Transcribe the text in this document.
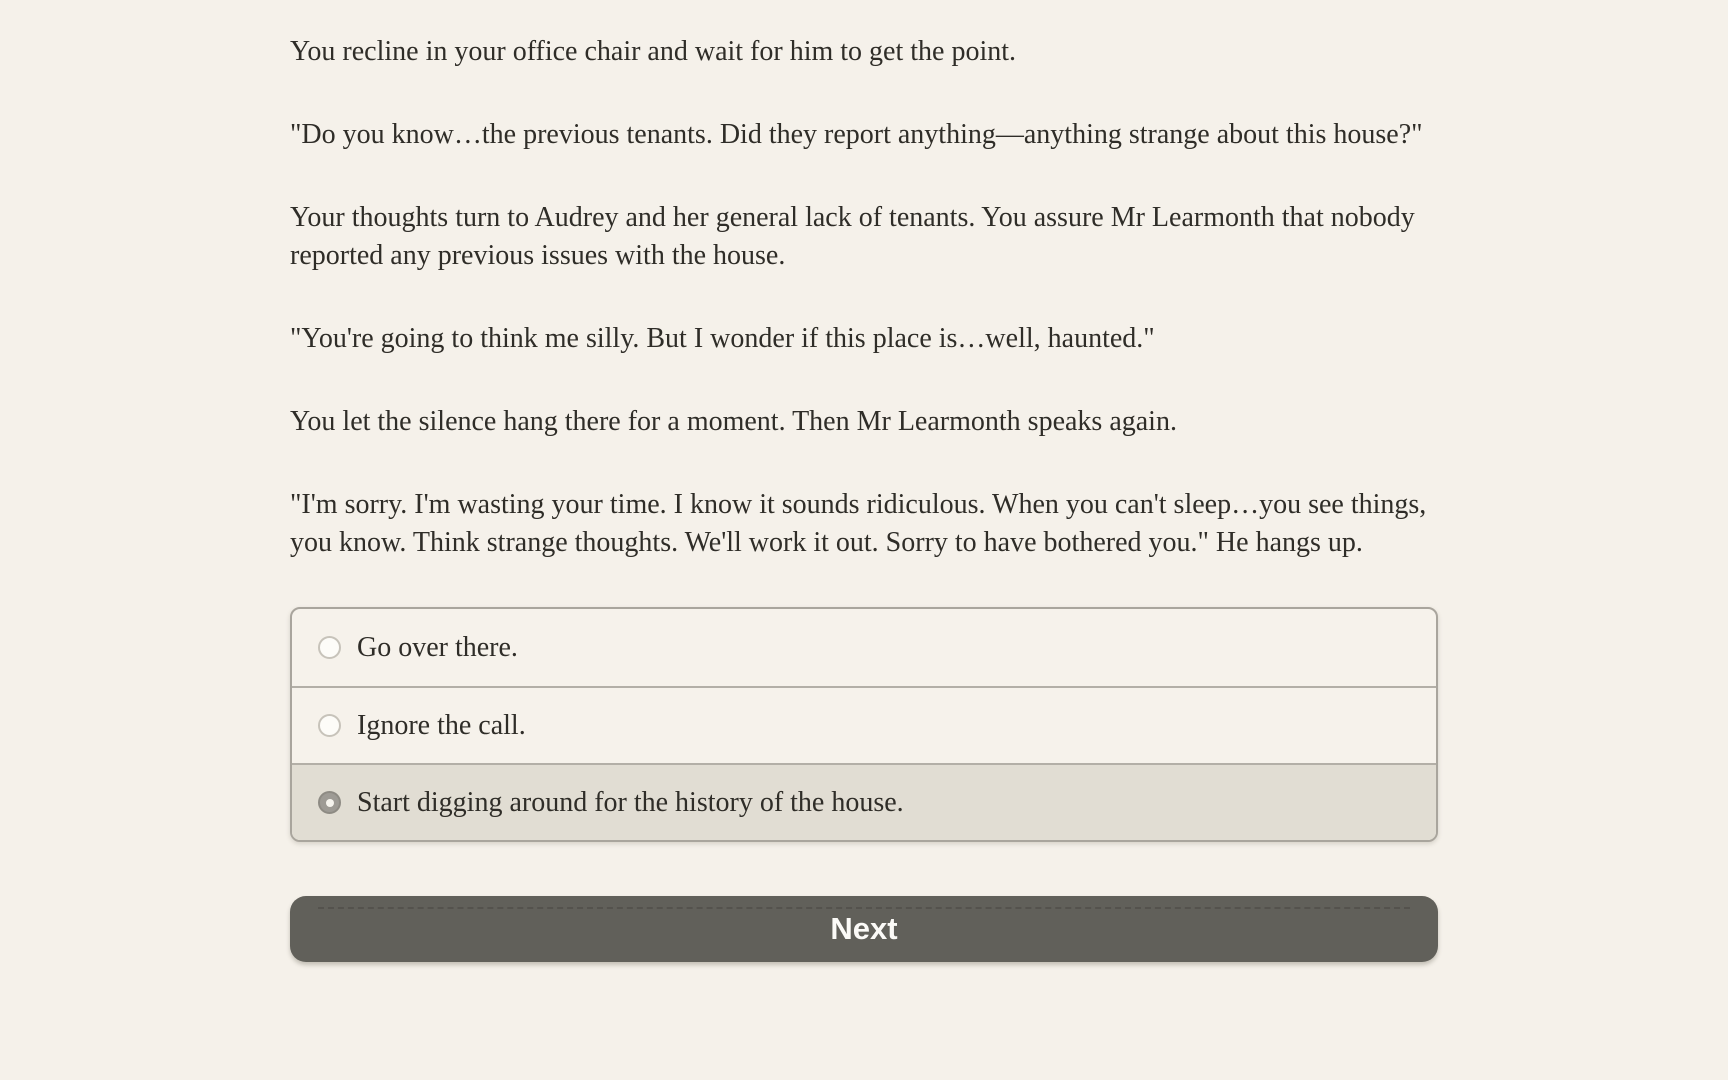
You recline in your office chair and wait for him to get the point.

"Do you know…the previous tenants. Did they report anything—anything strange about this house?"

Your thoughts turn to Audrey and her general lack of tenants. You assure Mr Learmonth that nobody reported any previous issues with the house.

"You're going to think me silly. But I wonder if this place is…well, haunted."

You let the silence hang there for a moment. Then Mr Learmonth speaks again.

"I'm sorry. I'm wasting your time. I know it sounds ridiculous. When you can't sleep…you see things, you know. Think strange thoughts. We'll work it out. Sorry to have bothered you." He hangs up.

Go over there.
Ignore the call.
Start digging around for the history of the house.
Next
